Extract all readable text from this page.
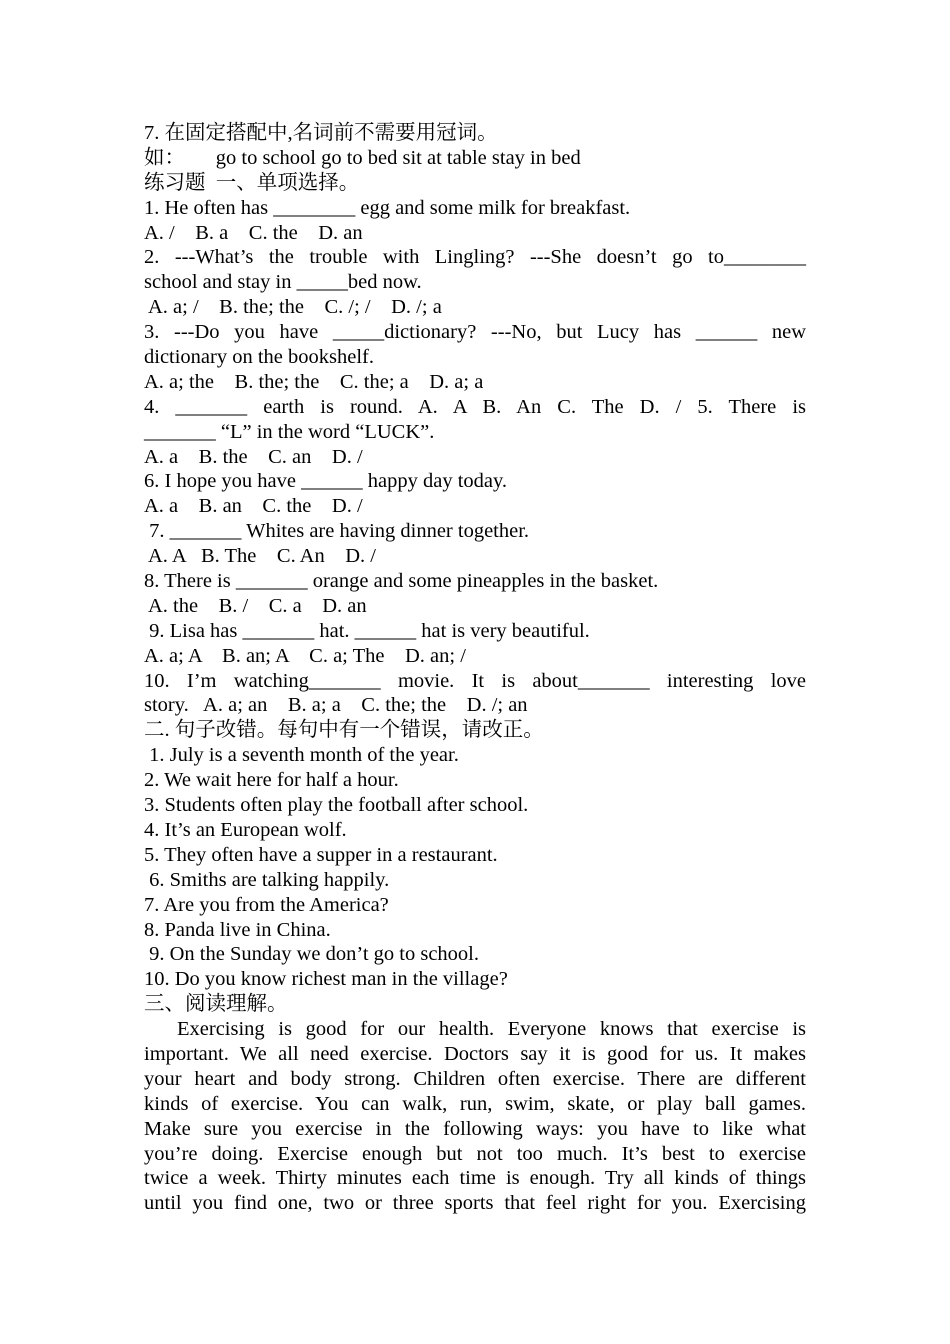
7. 在固定搭配中,名词前不需要用冠词。
如：      go to school go to bed sit at table stay in bed
练习题  一、单项选择。
1. He often has ________ egg and some milk for breakfast.
A. /    B. a    C. the    D. an
2. ---What’s the trouble with Lingling? ---She doesn’t go to________
school and stay in _____bed now.
A. a; /    B. the; the    C. /; /    D. /; a
3. ---Do you have _____dictionary? ---No, but Lucy has ______ new
dictionary on the bookshelf.
A. a; the    B. the; the    C. the; a    D. a; a
4. _______ earth is round. A. A B. An C. The D. / 5. There is
_______ “L” in the word “LUCK”.
A. a    B. the    C. an    D. /
6. I hope you have ______ happy day today.
A. a    B. an    C. the    D. /
7. _______ Whites are having dinner together.
A. A   B. The    C. An    D. /
8. There is _______ orange and some pineapples in the basket.
A. the    B. /    C. a    D. an
9. Lisa has _______ hat. ______ hat is very beautiful.
A. a; A    B. an; A    C. a; The    D. an; /
10. I’m watching_______ movie. It is about_______ interesting love
story.   A. a; an    B. a; a    C. the; the    D. /; an
二. 句子改错。每句中有一个错误，请改正。
1. July is a seventh month of the year.
2. We wait here for half a hour.
3. Students often play the football after school.
4. It’s an European wolf.
5. They often have a supper in a restaurant.
6. Smiths are talking happily.
7. Are you from the America?
8. Panda live in China.
9. On the Sunday we don’t go to school.
10. Do you know richest man in the village?
三、阅读理解。
Exercising is good for our health. Everyone knows that exercise is
important. We all need exercise. Doctors say it is good for us. It makes
your heart and body strong. Children often exercise. There are different
kinds of exercise. You can walk, run, swim, skate, or play ball games.
Make sure you exercise in the following ways: you have to like what
you’re doing. Exercise enough but not too much. It’s best to exercise
twice a week. Thirty minutes each time is enough. Try all kinds of things
until you find one, two or three sports that feel right for you. Exercising
